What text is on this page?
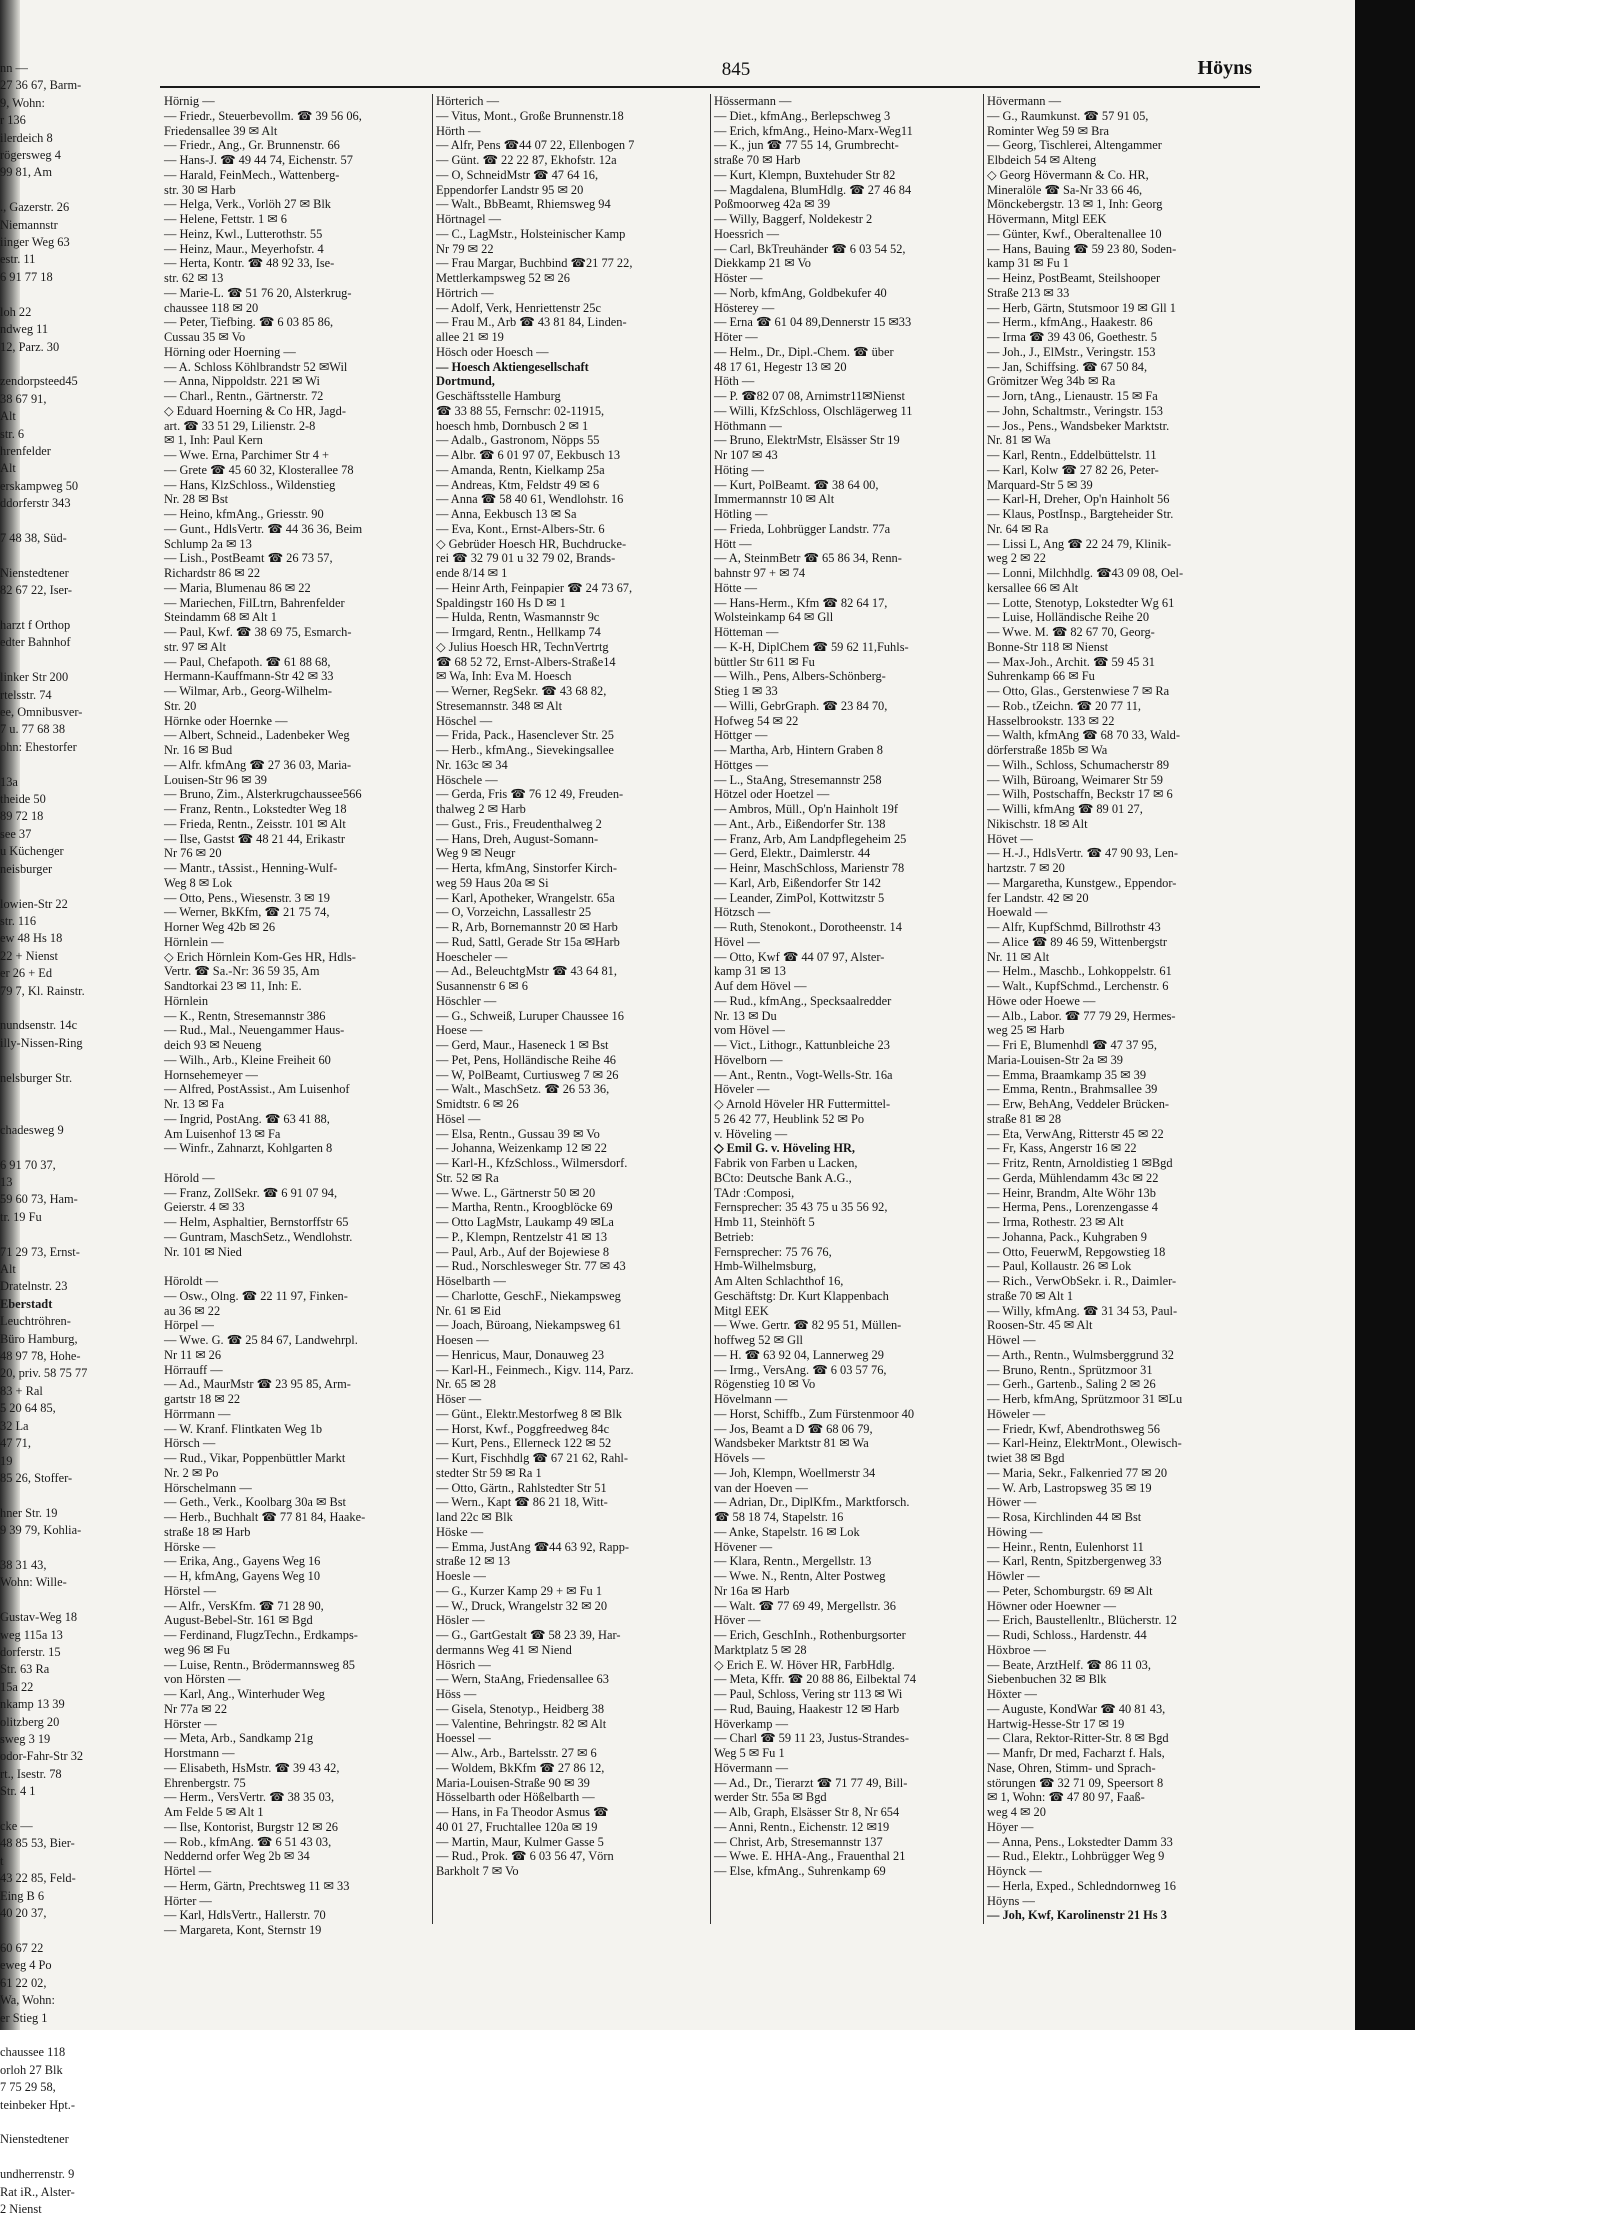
nn —
27 36 67, Barm-
9, Wohn:
r 136
ilerdeich 8
rögersweg 4
99 81, Am

., Gazerstr. 26
Niemannstr
iinger Weg 63
estr. 11
6 91 77 18

loh 22
ndweg 11
12, Parz. 30

zendorpsteed45
38 67 91,
Alt
str. 6
hrenfelder
Alt
erskampweg 50
ddorferstr 343

7 48 38, Süd-

Nienstedtener
82 67 22, Iser-

harzt f Orthop
edter Bahnhof

linker Str 200
rtelsstr. 74
ee, Omnibusver-
7 u. 77 68 38
ohn: Ehestorfer

13a
theide 50
89 72 18
see 37
u Küchenger
neisburger

lowien-Str 22
str. 116
ew 48 Hs 18
22 + Nienst
er 26 + Ed
79 7, Kl. Rainstr.

nundsenstr. 14c
illy-Nissen-Ring

nelsburger Str.

chadesweg 9

6 91 70 37,
13
59 60 73, Ham-
tr. 19 Fu

71 29 73, Ernst-
Alt
Dratelnstr. 23
Eberstadt
Leuchtröhren-
Büro Hamburg,
48 97 78, Hohe-
20, priv. 58 75 77
83 + Ral
5 20 64 85,
32 La
47 71,
19
85 26, Stoffer-

hner Str. 19
9 39 79, Kohlia-

38 31 43,
Wohn: Wille-

Gustav-Weg 18
weg 115a 13
dorferstr. 15
Str. 63 Ra
15a 22
nkamp 13 39
olitzberg 20
sweg 3 19
odor-Fahr-Str 32
rt., Isestr. 78
Str. 4 1

cke —
48 85 53, Bier-
t
43 22 85, Feld-
Eing B 6
40 20 37,

60 67 22
eweg 4 Po
61 22 02,
Wa, Wohn:
er Stieg 1

chaussee 118
orloh 27 Blk
7 75 29 58,
teinbeker Hpt.-

Nienstedtener

undherrenstr. 9
Rat iR., Alster-
2 Nienst
845	Höyns
Hörnig —
— Friedr., Steuerbevollm. ☎ 39 56 06,
Friedensallee 39 ✉ Alt
— Friedr., Ang., Gr. Brunnenstr. 66
— Hans-J. ☎ 49 44 74, Eichenstr. 57
— Harald, FeinMech., Wattenberg-
str. 30 ✉ Harb
— Helga, Verk., Vorlöh 27 ✉ Blk
— Helene, Fettstr. 1 ✉ 6
— Heinz, Kwl., Lutterothstr. 55
— Heinz, Maur., Meyerhofstr. 4
— Herta, Kontr. ☎ 48 92 33, Ise-
str. 62 ✉ 13
— Marie-L. ☎ 51 76 20, Alsterkrug-
chaussee 118 ✉ 20
— Peter, Tiefbing. ☎ 6 03 85 86,
Cussau 35 ✉ Vo
Hörning oder Hoerning —
— A. Schloss Köhlbrandstr 52 ✉Wil
— Anna, Nippoldstr. 221 ✉ Wi
— Charl., Rentn., Gärtnerstr. 72
◇ Eduard Hoerning & Co HR, Jagd-
art. ☎ 33 51 29, Lilienstr. 2-8
✉ 1, Inh: Paul Kern
— Wwe. Erna, Parchimer Str 4 +
— Grete ☎ 45 60 32, Klosterallee 78
— Hans, KlzSchloss., Wildenstieg
Nr. 28 ✉ Bst
— Heino, kfmAng., Griesstr. 90
— Gunt., HdlsVertr. ☎ 44 36 36, Beim
Schlump 2a ✉ 13
— Lish., PostBeamt ☎ 26 73 57,
Richardstr 86 ✉ 22
— Maria, Blumenau 86 ✉ 22
— Mariechen, FilLtrn, Bahrenfelder
Steindamm 68 ✉ Alt 1
— Paul, Kwf. ☎ 38 69 75, Esmarch-
str. 97 ✉ Alt
— Paul, Chefapoth. ☎ 61 88 68,
Hermann-Kauffmann-Str 42 ✉ 33
— Wilmar, Arb., Georg-Wilhelm-
Str. 20
Hörnke oder Hoernke —
— Albert, Schneid., Ladenbeker Weg
Nr. 16 ✉ Bud
— Alfr. kfmAng ☎ 27 36 03, Maria-
Louisen-Str 96 ✉ 39
— Bruno, Zim., Alsterkrugchaussee566
— Franz, Rentn., Lokstedter Weg 18
— Frieda, Rentn., Zeisstr. 101 ✉ Alt
— Ilse, Gastst ☎ 48 21 44, Erikastr
Nr 76 ✉ 20
— Mantr., tAssist., Henning-Wulf-
Weg 8 ✉ Lok
— Otto, Pens., Wiesenstr. 3 ✉ 19
— Werner, BkKfm, ☎ 21 75 74,
Horner Weg 42b ✉ 26
Hörnlein —
◇ Erich Hörnlein Kom-Ges HR, Hdls-
Vertr. ☎ Sa.-Nr: 36 59 35, Am
Sandtorkai 23 ✉ 11, Inh: E.
Hörnlein
— K., Rentn, Stresemannstr 386
— Rud., Mal., Neuengammer Haus-
deich 93 ✉ Neueng
— Wilh., Arb., Kleine Freiheit 60
Hornsehemeyer —
— Alfred, PostAssist., Am Luisenhof
Nr. 13 ✉ Fa
— Ingrid, PostAng. ☎ 63 41 88,
Am Luisenhof 13 ✉ Fa
— Winfr., Zahnarzt, Kohlgarten 8

Hörold —
— Franz, ZollSekr. ☎ 6 91 07 94,
Geierstr. 4 ✉ 33
— Helm, Asphaltier, Bernstorffstr 65
— Guntram, MaschSetz., Wendlohstr.
Nr. 101 ✉ Nied

Höroldt —
— Osw., Olng. ☎ 22 11 97, Finken-
au 36 ✉ 22
Hörpel —
— Wwe. G. ☎ 25 84 67, Landwehrpl.
Nr 11 ✉ 26
Hörrauff —
— Ad., MaurMstr ☎ 23 95 85, Arm-
gartstr 18 ✉ 22
Hörrmann —
— W. Kranf. Flintkaten Weg 1b
Hörsch —
— Rud., Vikar, Poppenbüttler Markt
Nr. 2 ✉ Po
Hörschelmann —
— Geth., Verk., Koolbarg 30a ✉ Bst
— Herb., Buchhalt ☎ 77 81 84, Haake-
straße 18 ✉ Harb
Hörske —
— Erika, Ang., Gayens Weg 16
— H, kfmAng, Gayens Weg 10
Hörstel —
— Alfr., VersKfm. ☎ 71 28 90,
August-Bebel-Str. 161 ✉ Bgd
— Ferdinand, FlugzTechn., Erdkamps-
weg 96 ✉ Fu
— Luise, Rentn., Brödermannsweg 85
von Hörsten —
— Karl, Ang., Winterhuder Weg
Nr 77a ✉ 22
Hörster —
— Meta, Arb., Sandkamp 21g
Horstmann —
— Elisabeth, HsMstr. ☎ 39 43 42,
Ehrenbergstr. 75
— Herm., VersVertr. ☎ 38 35 03,
Am Felde 5 ✉ Alt 1
— Ilse, Kontorist, Burgstr 12 ✉ 26
— Rob., kfmAng. ☎ 6 51 43 03,
Neddernd orfer Weg 2b ✉ 34
Hörtel —
— Herm, Gärtn, Prechtsweg 11 ✉ 33
Hörter —
— Karl, HdlsVertr., Hallerstr. 70
— Margareta, Kont, Sternstr 19
Hörterich —
— Vitus, Mont., Große Brunnenstr.18
Hörth —
— Alfr, Pens ☎44 07 22, Ellenbogen 7
— Günt. ☎ 22 22 87, Ekhofstr. 12a
— O, SchneidMstr ☎ 47 64 16,
Eppendorfer Landstr 95 ✉ 20
— Walt., BbBeamt, Rhiemsweg 94
Hörtnagel —
— C., LagMstr., Holsteinischer Kamp
Nr 79 ✉ 22
— Frau Margar, Buchbind ☎21 77 22,
Mettlerkampsweg 52 ✉ 26
Hörtrich —
— Adolf, Verk, Henriettenstr 25c
— Frau M., Arb ☎ 43 81 84, Linden-
allee 21 ✉ 19
Hösch oder Hoesch —
— Hoesch Aktiengesellschaft
Dortmund,
Geschäftsstelle Hamburg
☎ 33 88 55, Fernschr: 02-11915,
hoesch hmb, Dornbusch 2 ✉ 1
— Adalb., Gastronom, Nöpps 55
— Albr. ☎ 6 01 97 07, Eekbusch 13
— Amanda, Rentn, Kielkamp 25a
— Andreas, Ktm, Feldstr 49 ✉ 6
— Anna ☎ 58 40 61, Wendlohstr. 16
— Anna, Eekbusch 13 ✉ Sa
— Eva, Kont., Ernst-Albers-Str. 6
◇ Gebrüder Hoesch HR, Buchdrucke-
rei ☎ 32 79 01 u 32 79 02, Brands-
ende 8/14 ✉ 1
— Heinr Arth, Feinpapier ☎ 24 73 67,
Spaldingstr 160 Hs D ✉ 1
— Hulda, Rentn, Wasmannstr 9c
— Irmgard, Rentn., Hellkamp 74
◇ Julius Hoesch HR, TechnVertrtg
☎ 68 52 72, Ernst-Albers-Straße14
✉ Wa, Inh: Eva M. Hoesch
— Werner, RegSekr. ☎ 43 68 82,
Stresemannstr. 348 ✉ Alt
Höschel —
— Frida, Pack., Hasenclever Str. 25
— Herb., kfmAng., Sievekingsallee
Nr. 163c ✉ 34
Höschele —
— Gerda, Fris ☎ 76 12 49, Freuden-
thalweg 2 ✉ Harb
— Gust., Fris., Freudenthalweg 2
— Hans, Dreh, August-Somann-
Weg 9 ✉ Neugr
— Herta, kfmAng, Sinstorfer Kirch-
weg 59 Haus 20a ✉ Si
— Karl, Apotheker, Wrangelstr. 65a
— O, Vorzeichn, Lassallestr 25
— R, Arb, Bornemannstr 20 ✉ Harb
— Rud, Sattl, Gerade Str 15a ✉Harb
Hoescheler —
— Ad., BeleuchtgMstr ☎ 43 64 81,
Susannenstr 6 ✉ 6
Höschler —
— G., Schweiß, Luruper Chaussee 16
Hoese —
— Gerd, Maur., Haseneck 1 ✉ Bst
— Pet, Pens, Holländische Reihe 46
— W, PolBeamt, Curtiusweg 7 ✉ 26
— Walt., MaschSetz. ☎ 26 53 36,
Smidtstr. 6 ✉ 26
Hösel —
— Elsa, Rentn., Gussau 39 ✉ Vo
— Johanna, Weizenkamp 12 ✉ 22
— Karl-H., KfzSchloss., Wilmersdorf.
Str. 52 ✉ Ra
— Wwe. L., Gärtnerstr 50 ✉ 20
— Martha, Rentn., Kroogblöcke 69
— Otto LagMstr, Laukamp 49 ✉La
— P., Klempn, Rentzelstr 41 ✉ 13
— Paul, Arb., Auf der Bojewiese 8
— Rud., Norschlesweger Str. 77 ✉ 43
Höselbarth —
— Charlotte, GeschF., Niekampsweg
Nr. 61 ✉ Eid
— Joach, Büroang, Niekampsweg 61
Hoesen —
— Henricus, Maur, Donauweg 23
— Karl-H., Feinmech., Kigv. 114, Parz.
Nr. 65 ✉ 28
Höser —
— Günt., Elektr.Mestorfweg 8 ✉ Blk
— Horst, Kwf., Poggfreedweg 84c
— Kurt, Pens., Ellerneck 122 ✉ 52
— Kurt, Fischhdlg ☎ 67 21 62, Rahl-
stedter Str 59 ✉ Ra 1
— Otto, Gärtn., Rahlstedter Str 51
— Wern., Kapt ☎ 86 21 18, Witt-
land 22c ✉ Blk
Höske —
— Emma, JustAng ☎44 63 92, Rapp-
straße 12 ✉ 13
Hoesle —
— G., Kurzer Kamp 29 + ✉ Fu 1
— W., Druck, Wrangelstr 32 ✉ 20
Hösler —
— G., GartGestalt ☎ 58 23 39, Har-
dermanns Weg 41 ✉ Niend
Hösrich —
— Wern, StaAng, Friedensallee 63
Höss —
— Gisela, Stenotyp., Heidberg 38
— Valentine, Behringstr. 82 ✉ Alt
Hoessel —
— Alw., Arb., Bartelsstr. 27 ✉ 6
— Woldem, BkKfm ☎ 27 86 12,
Maria-Louisen-Straße 90 ✉ 39
Hösselbarth oder Hößelbarth —
— Hans, in Fa Theodor Asmus ☎
40 01 27, Fruchtallee 120a ✉ 19
— Martin, Maur, Kulmer Gasse 5
— Rud., Prok. ☎ 6 03 56 47, Vörn
Barkholt 7 ✉ Vo
Hössermann —
— Diet., kfmAng., Berlepschweg 3
— Erich, kfmAng., Heino-Marx-Weg11
— K., jun ☎ 77 55 14, Grumbrecht-
straße 70 ✉ Harb
— Kurt, Klempn, Buxtehuder Str 82
— Magdalena, BlumHdlg. ☎ 27 46 84
Poßmoorweg 42a ✉ 39
— Willy, Baggerf, Noldekestr 2
Hoessrich —
— Carl, BkTreuhänder ☎ 6 03 54 52,
Diekkamp 21 ✉ Vo
Höster —
— Norb, kfmAng, Goldbekufer 40
Hösterey —
— Erna ☎ 61 04 89,Dennerstr 15 ✉33
Höter —
— Helm., Dr., Dipl.-Chem. ☎ über
48 17 61, Hegestr 13 ✉ 20
Höth —
— P. ☎82 07 08, Arnimstr11✉Nienst
— Willi, KfzSchloss, Olschlägerweg 11
Höthmann —
— Bruno, ElektrMstr, Elsässer Str 19
Nr 107 ✉ 43
Höting —
— Kurt, PolBeamt. ☎ 38 64 00,
Immermannstr 10 ✉ Alt
Hötling —
— Frieda, Lohbrügger Landstr. 77a
Hött —
— A, SteinmBetr ☎ 65 86 34, Renn-
bahnstr 97 + ✉ 74
Hötte —
— Hans-Herm., Kfm ☎ 82 64 17,
Wolsteinkamp 64 ✉ Gll
Hötteman —
— K-H, DiplChem ☎ 59 62 11,Fuhls-
büttler Str 611 ✉ Fu
— Wilh., Pens, Albers-Schönberg-
Stieg 1 ✉ 33
— Willi, GebrGraph. ☎ 23 84 70,
Hofweg 54 ✉ 22
Höttger —
— Martha, Arb, Hintern Graben 8
Höttges —
— L., StaAng, Stresemannstr 258
Hötzel oder Hoetzel —
— Ambros, Müll., Op'n Hainholt 19f
— Ant., Arb., Eißendorfer Str. 138
— Franz, Arb, Am Landpflegeheim 25
— Gerd, Elektr., Daimlerstr. 44
— Heinr, MaschSchloss, Marienstr 78
— Karl, Arb, Eißendorfer Str 142
— Leander, ZimPol, Kottwitzstr 5
Hötzsch —
— Ruth, Stenokont., Dorotheenstr. 14
Hövel —
— Otto, Kwf ☎ 44 07 97, Alster-
kamp 31 ✉ 13
Auf dem Hövel —
— Rud., kfmAng., Specksaalredder
Nr. 13 ✉ Du
vom Hövel —
— Vict., Lithogr., Kattunbleiche 23
Hövelborn —
— Ant., Rentn., Vogt-Wells-Str. 16a
Höveler —
◇ Arnold Höveler HR Futtermittel-
5 26 42 77, Heublink 52 ✉ Po
v. Höveling —
◇ Emil G. v. Höveling HR,
Fabrik von Farben u Lacken,
BCto: Deutsche Bank A.G.,
TAdr :Composi,
Fernsprecher: 35 43 75 u 35 56 92,
Hmb 11, Steinhöft 5
Betrieb:
Fernsprecher: 75 76 76,
Hmb-Wilhelmsburg,
Am Alten Schlachthof 16,
Geschäftstg: Dr. Kurt Klappenbach
Mitgl EEK
— Wwe. Gertr. ☎ 82 95 51, Müllen-
hoffweg 52 ✉ Gll
— H. ☎ 63 92 04, Lannerweg 29
— Irmg., VersAng. ☎ 6 03 57 76,
Rögenstieg 10 ✉ Vo
Hövelmann —
— Horst, Schiffb., Zum Fürstenmoor 40
— Jos, Beamt a D ☎ 68 06 79,
Wandsbeker Marktstr 81 ✉ Wa
Hövels —
— Joh, Klempn, Woellmerstr 34
van der Hoeven —
— Adrian, Dr., DiplKfm., Marktforsch.
☎ 58 18 74, Stapelstr. 16
— Anke, Stapelstr. 16 ✉ Lok
Hövener —
— Klara, Rentn., Mergellstr. 13
— Wwe. N., Rentn, Alter Postweg
Nr 16a ✉ Harb
— Walt. ☎ 77 69 49, Mergellstr. 36
Höver —
— Erich, GeschInh., Rothenburgsorter
Marktplatz 5 ✉ 28
◇ Erich E. W. Höver HR, FarbHdlg.
— Meta, Kffr. ☎ 20 88 86, Eilbektal 74
— Paul, Schloss, Vering str 113 ✉ Wi
— Rud, Bauing, Haakestr 12 ✉ Harb
Höverkamp —
— Charl ☎ 59 11 23, Justus-Strandes-
Weg 5 ✉ Fu 1
Hövermann —
— Ad., Dr., Tierarzt ☎ 71 77 49, Bill-
werder Str. 55a ✉ Bgd
— Alb, Graph, Elsässer Str 8, Nr 654
— Anni, Rentn., Eichenstr. 12 ✉19
— Christ, Arb, Stresemannstr 137
— Wwe. E. HHA-Ang., Frauenthal 21
— Else, kfmAng., Suhrenkamp 69
Hövermann —
— G., Raumkunst. ☎ 57 91 05,
Rominter Weg 59 ✉ Bra
— Georg, Tischlerei, Altengammer
Elbdeich 54 ✉ Alteng
◇ Georg Hövermann & Co. HR,
Mineralöle ☎ Sa-Nr 33 66 46,
Mönckebergstr. 13 ✉ 1, Inh: Georg
Hövermann, Mitgl EEK
— Günter, Kwf., Oberaltenallee 10
— Hans, Bauing ☎ 59 23 80, Soden-
kamp 31 ✉ Fu 1
— Heinz, PostBeamt, Steilshooper
Straße 213 ✉ 33
— Herb, Gärtn, Stutsmoor 19 ✉ Gll 1
— Herm., kfmAng., Haakestr. 86
— Irma ☎ 39 43 06, Goethestr. 5
— Joh., J., ElMstr., Veringstr. 153
— Jan, Schiffsing. ☎ 67 50 84,
Grömitzer Weg 34b ✉ Ra
— Jorn, tAng., Lienaustr. 15 ✉ Fa
— John, Schaltmstr., Veringstr. 153
— Jos., Pens., Wandsbeker Marktstr.
Nr. 81 ✉ Wa
— Karl, Rentn., Eddelbüttelstr. 11
— Karl, Kolw ☎ 27 82 26, Peter-
Marquard-Str 5 ✉ 39
— Karl-H, Dreher, Op'n Hainholt 56
— Klaus, PostInsp., Bargteheider Str.
Nr. 64 ✉ Ra
— Lissi L, Ang ☎ 22 24 79, Klinik-
weg 2 ✉ 22
— Lonni, Milchhdlg. ☎43 09 08, Oel-
kersallee 66 ✉ Alt
— Lotte, Stenotyp, Lokstedter Wg 61
— Luise, Holländische Reihe 20
— Wwe. M. ☎ 82 67 70, Georg-
Bonne-Str 118 ✉ Nienst
— Max-Joh., Archit. ☎ 59 45 31
Suhrenkamp 66 ✉ Fu
— Otto, Glas., Gerstenwiese 7 ✉ Ra
— Rob., tZeichn. ☎ 20 77 11,
Hasselbrookstr. 133 ✉ 22
— Walth, kfmAng ☎ 68 70 33, Wald-
dörferstraße 185b ✉ Wa
— Wilh., Schloss, Schumacherstr 89
— Wilh, Büroang, Weimarer Str 59
— Wilh, Postschaffn, Beckstr 17 ✉ 6
— Willi, kfmAng ☎ 89 01 27,
Nikischstr. 18 ✉ Alt
Hövet —
— H.-J., HdlsVertr. ☎ 47 90 93, Len-
hartzstr. 7 ✉ 20
— Margaretha, Kunstgew., Eppendor-
fer Landstr. 42 ✉ 20
Hoewald —
— Alfr, KupfSchmd, Billrothstr 43
— Alice ☎ 89 46 59, Wittenbergstr
Nr. 11 ✉ Alt
— Helm., Maschb., Lohkoppelstr. 61
— Walt., KupfSchmd., Lerchenstr. 6
Höwe oder Hoewe —
— Alb., Labor. ☎ 77 79 29, Hermes-
weg 25 ✉ Harb
— Fri E, Blumenhdl ☎ 47 37 95,
Maria-Louisen-Str 2a ✉ 39
— Emma, Braamkamp 35 ✉ 39
— Emma, Rentn., Brahmsallee 39
— Erw, BehAng, Veddeler Brücken-
straße 81 ✉ 28
— Eta, VerwAng, Ritterstr 45 ✉ 22
— Fr, Kass, Angerstr 16 ✉ 22
— Fritz, Rentn, Arnoldistieg 1 ✉Bgd
— Gerda, Mühlendamm 43c ✉ 22
— Heinr, Brandm, Alte Wöhr 13b
— Herma, Pens., Lorenzengasse 4
— Irma, Rothestr. 23 ✉ Alt
— Johanna, Pack., Kuhgraben 9
— Otto, FeuerwM, Repgowstieg 18
— Paul, Kollaustr. 26 ✉ Lok
— Rich., VerwObSekr. i. R., Daimler-
straße 70 ✉ Alt 1
— Willy, kfmAng. ☎ 31 34 53, Paul-
Roosen-Str. 45 ✉ Alt
Höwel —
— Arth., Rentn., Wulmsberggrund 32
— Bruno, Rentn., Sprützmoor 31
— Gerh., Gartenb., Saling 2 ✉ 26
— Herb, kfmAng, Sprützmoor 31 ✉Lu
Höweler —
— Friedr, Kwf, Abendrothsweg 56
— Karl-Heinz, ElektrMont., Olewisch-
twiet 38 ✉ Bgd
— Maria, Sekr., Falkenried 77 ✉ 20
— W. Arb, Lastropsweg 35 ✉ 19
Höwer —
— Rosa, Kirchlinden 44 ✉ Bst
Höwing —
— Heinr., Rentn, Eulenhorst 11
— Karl, Rentn, Spitzbergenweg 33
Höwler —
— Peter, Schomburgstr. 69 ✉ Alt
Höwner oder Hoewner —
— Erich, Baustellenltr., Blücherstr. 12
— Rudi, Schloss., Hardenstr. 44
Höxbroe —
— Beate, ArztHelf. ☎ 86 11 03,
Siebenbuchen 32 ✉ Blk
Höxter —
— Auguste, KondWar ☎ 40 81 43,
Hartwig-Hesse-Str 17 ✉ 19
— Clara, Rektor-Ritter-Str. 8 ✉ Bgd
— Manfr, Dr med, Facharzt f. Hals,
Nase, Ohren, Stimm- und Sprach-
störungen ☎ 32 71 09, Speersort 8
✉ 1, Wohn: ☎ 47 80 97, Faaß-
weg 4 ✉ 20
Höyer —
— Anna, Pens., Lokstedter Damm 33
— Rud., Elektr., Lohbrügger Weg 9
Höynck —
— Herla, Exped., Schledndornweg 16
Höyns —
— Joh, Kwf, Karolinenstr 21 Hs 3
